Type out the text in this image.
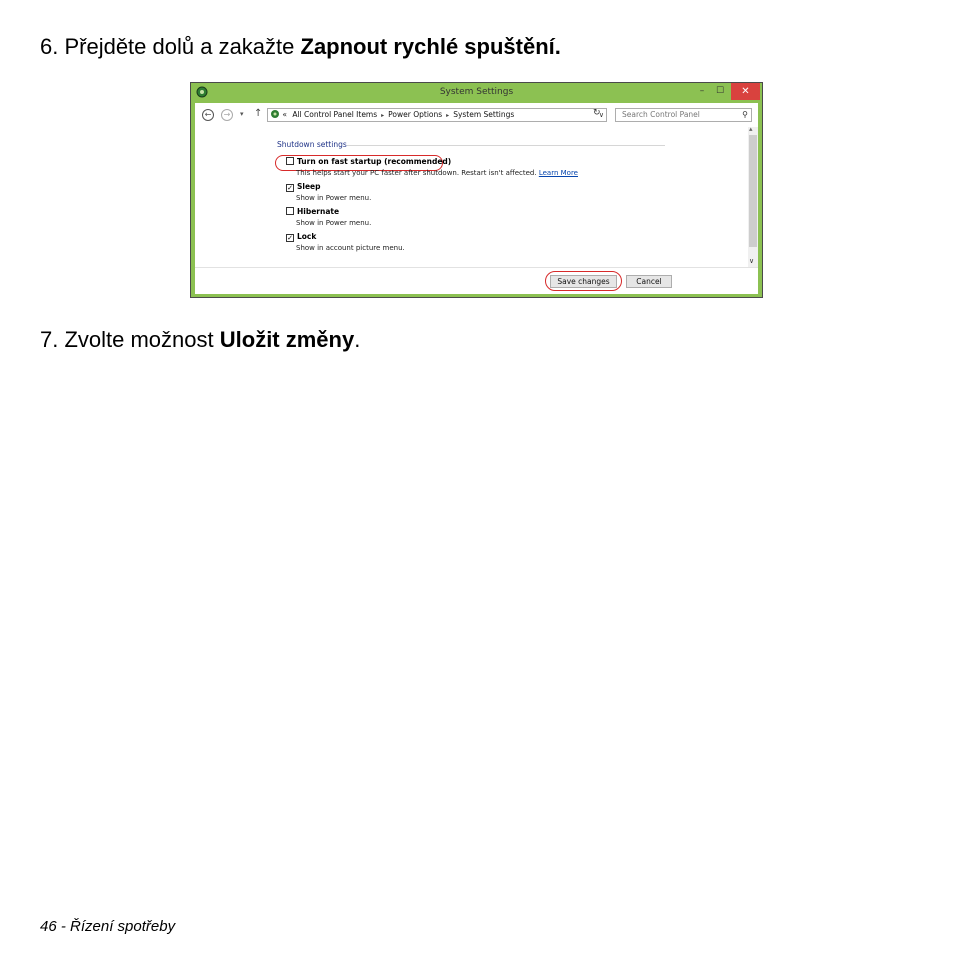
6. Přejděte dolů a zakažte Zapnout rychlé spuštění.
System Settings	–	☐	✕
←	→	▾ ↑	« All Control Panel Items ▸ Power Options ▸ System Settings	∨
↻	Search Control Panel	⚲
Shutdown settings
Turn on fast startup (recommended)
This helps start your PC faster after shutdown. Restart isn't affected. Learn More
✓ Sleep
Show in Power menu.
Hibernate
Show in Power menu.
✓ Lock
Show in account picture menu.
▴
∨
Save changes	Cancel
7. Zvolte možnost Uložit změny.
46 - Řízení spotřeby
